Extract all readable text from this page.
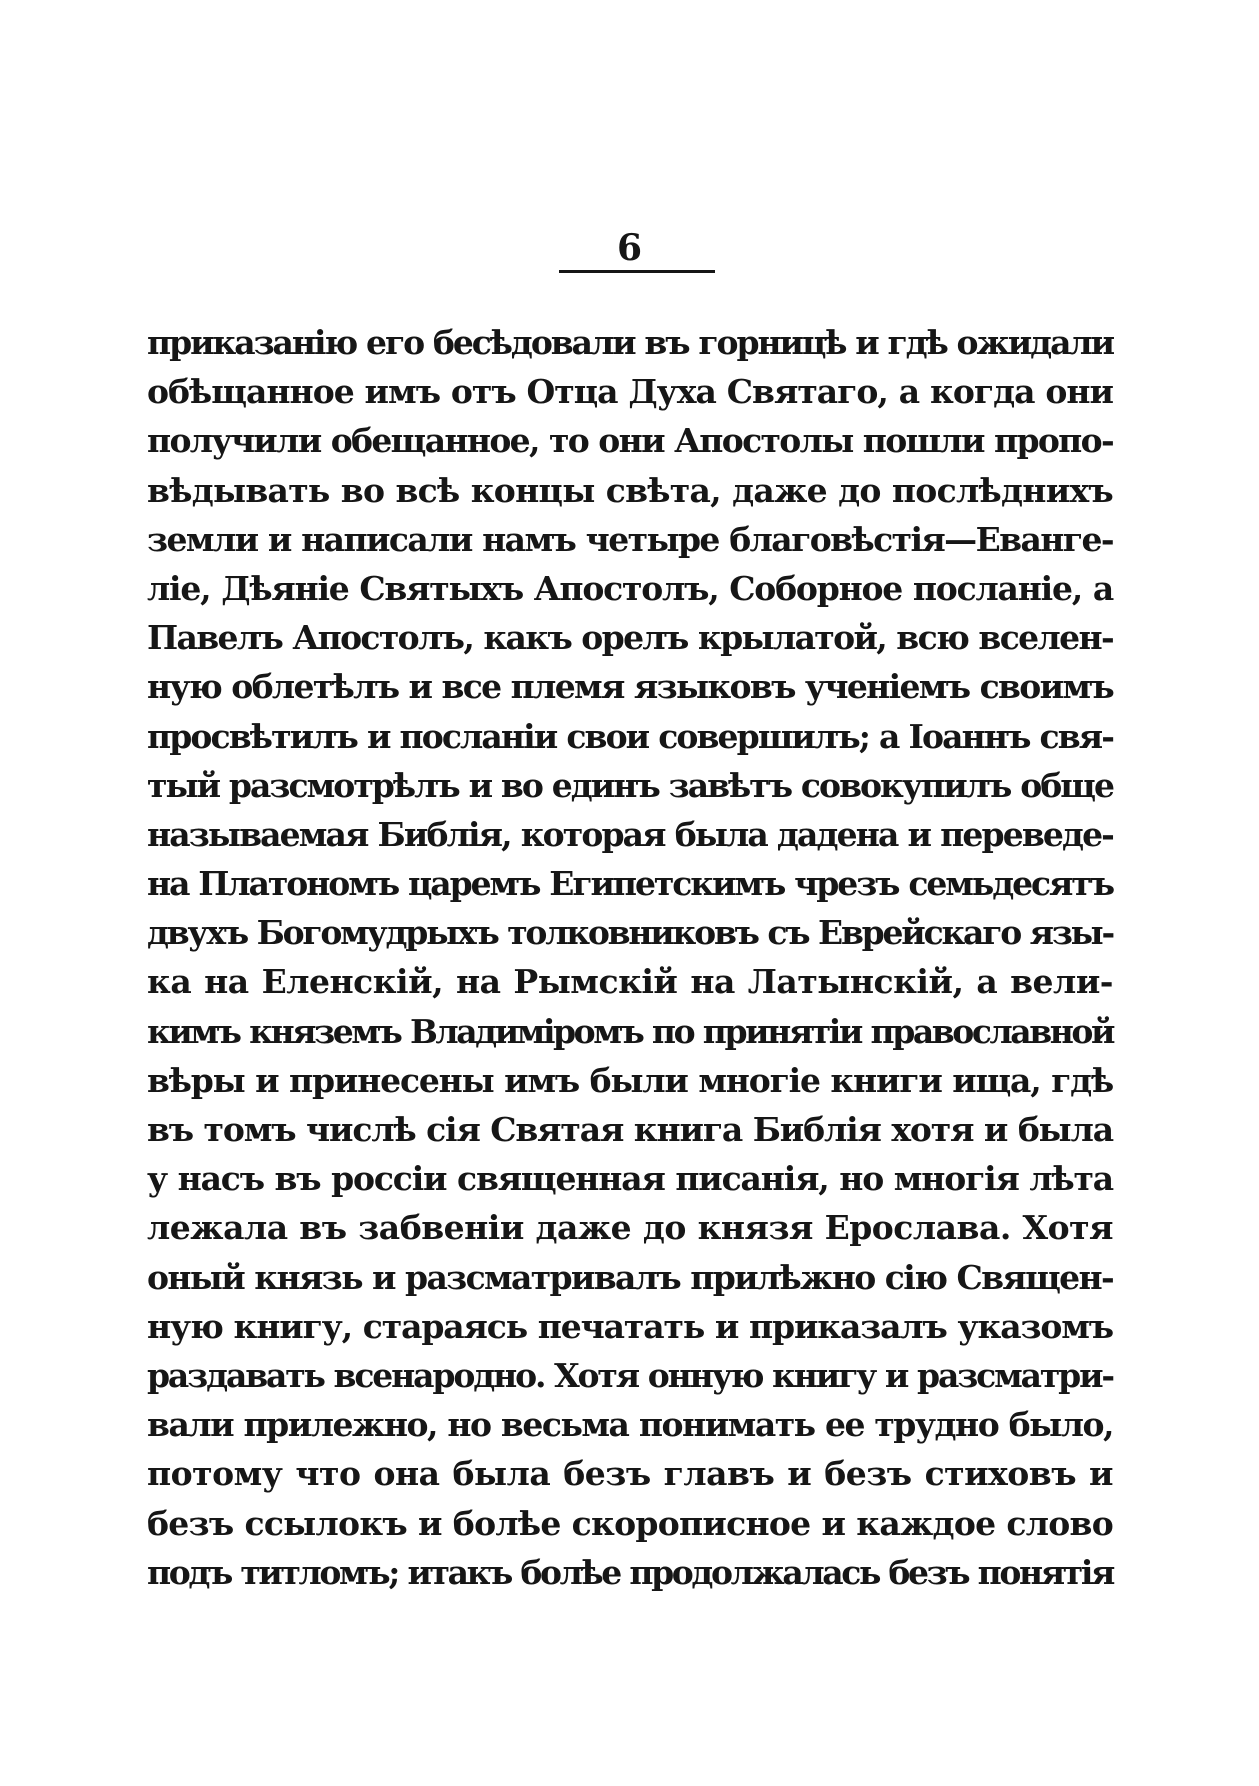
6
приказанію его бесѣдовали въ горницѣ и гдѣ ожидали
обѣщанное имъ отъ Отца Духа Святаго, а когда они
получили обещанное, то они Апостолы пошли пропо-
вѣдывать во всѣ концы свѣта, даже до послѣднихъ
земли и написали намъ четыре благовѣстія—Еванге-
ліе, Дѣяніе Святыхъ Апостолъ, Соборное посланіе, а
Павелъ Апостолъ, какъ орелъ крылатой, всю вселен-
ную облетѣлъ и все племя языковъ ученіемъ своимъ
просвѣтилъ и посланіи свои совершилъ; а Іоаннъ свя-
тый разсмотрѣлъ и во единъ завѣтъ совокупилъ обще
называемая Библія, которая была дадена и переведе-
на Платономъ царемъ Египетскимъ чрезъ семьдесятъ
двухъ Богомудрыхъ толковниковъ съ Еврейскаго язы-
ка на Еленскій, на Рымскій на Латынскій, а вели-
кимъ княземъ Владиміромъ по принятіи православной
вѣры и принесены имъ были многіе книги ища, гдѣ
въ томъ числѣ сія Святая книга Библія хотя и была
у насъ въ россіи священная писанія, но многія лѣта
лежала въ забвеніи даже до князя Ерослава. Хотя
оный князь и разсматривалъ прилѣжно сію Священ-
ную книгу, стараясь печатать и приказалъ указомъ
раздавать всенародно. Хотя онную книгу и разсматри-
вали прилежно, но весьма понимать ее трудно было,
потому что она была безъ главъ и безъ стиховъ и
безъ ссылокъ и болѣе скорописное и каждое слово
подъ титломъ; итакъ болѣе продолжалась безъ понятія
